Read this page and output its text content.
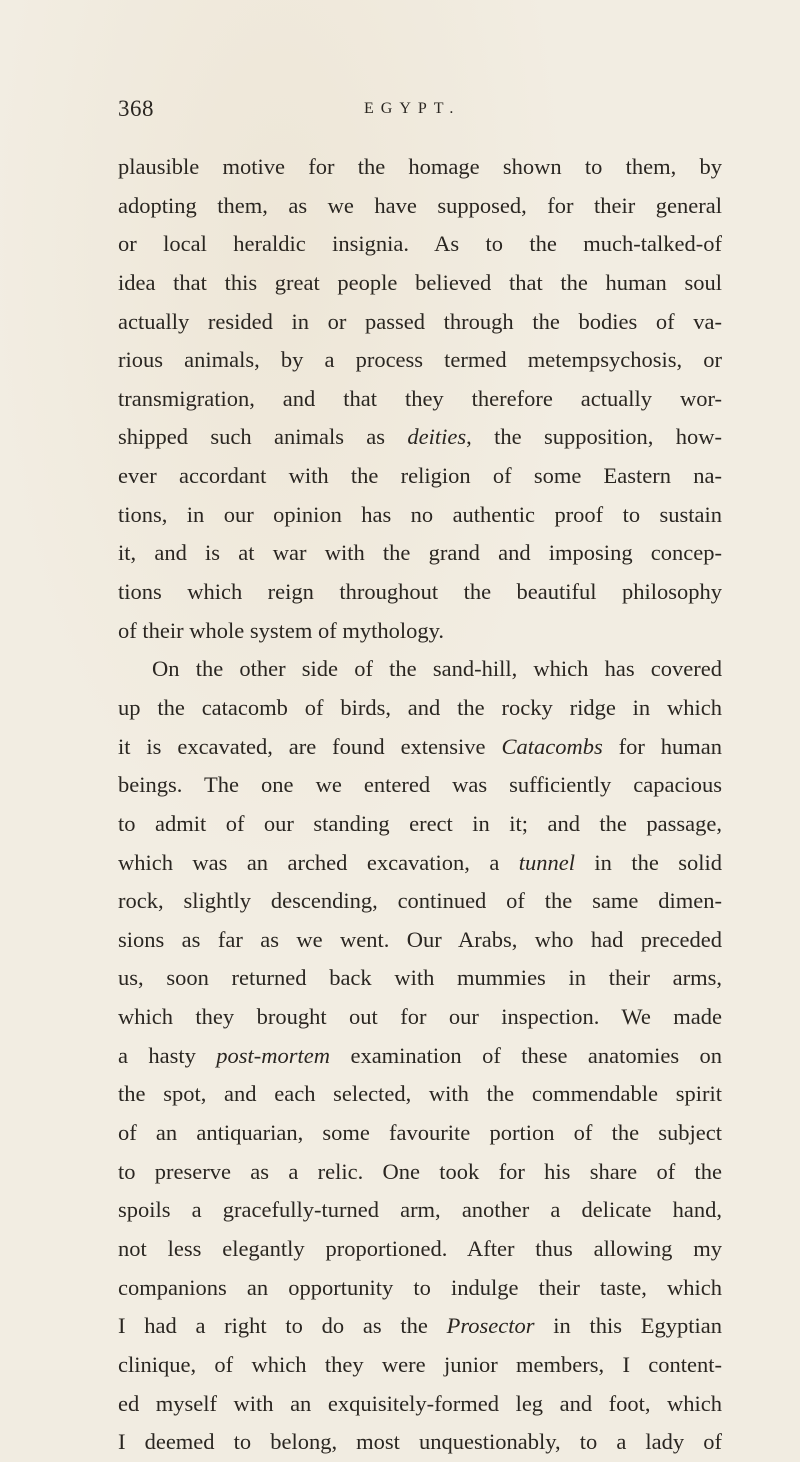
368	EGYPT.
plausible motive for the homage shown to them, by
adopting them, as we have supposed, for their general
or local heraldic insignia. As to the much-talked-of
idea that this great people believed that the human soul
actually resided in or passed through the bodies of va-
rious animals, by a process termed metempsychosis, or
transmigration, and that they therefore actually wor-
shipped such animals as deities, the supposition, how-
ever accordant with the religion of some Eastern na-
tions, in our opinion has no authentic proof to sustain
it, and is at war with the grand and imposing concep-
tions which reign throughout the beautiful philosophy
of their whole system of mythology.
On the other side of the sand-hill, which has covered
up the catacomb of birds, and the rocky ridge in which
it is excavated, are found extensive Catacombs for human
beings. The one we entered was sufficiently capacious
to admit of our standing erect in it; and the passage,
which was an arched excavation, a tunnel in the solid
rock, slightly descending, continued of the same dimen-
sions as far as we went. Our Arabs, who had preceded
us, soon returned back with mummies in their arms,
which they brought out for our inspection. We made
a hasty post-mortem examination of these anatomies on
the spot, and each selected, with the commendable spirit
of an antiquarian, some favourite portion of the subject
to preserve as a relic. One took for his share of the
spoils a gracefully-turned arm, another a delicate hand,
not less elegantly proportioned. After thus allowing my
companions an opportunity to indulge their taste, which
I had a right to do as the Prosector in this Egyptian
clinique, of which they were junior members, I content-
ed myself with an exquisitely-formed leg and foot, which
I deemed to belong, most unquestionably, to a lady of
